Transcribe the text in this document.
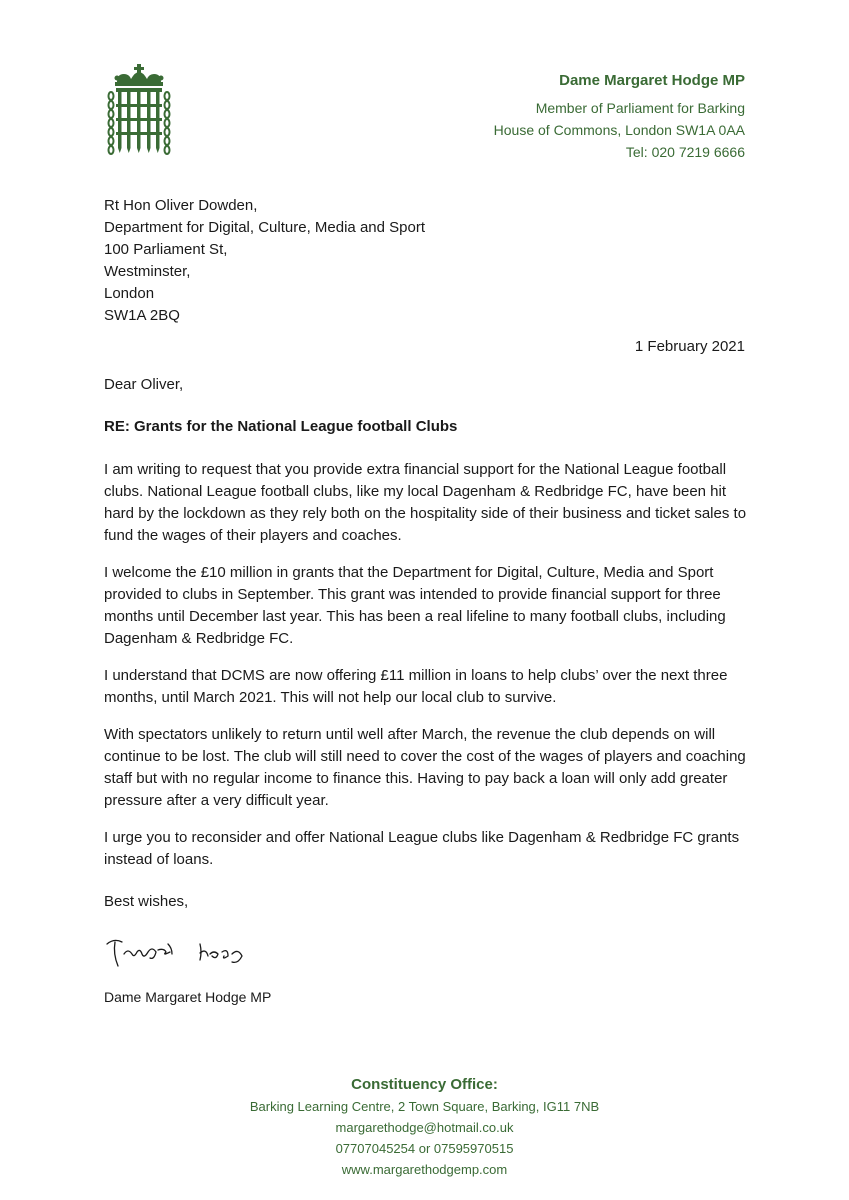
Dame Margaret Hodge MP
Member of Parliament for Barking
House of Commons, London SW1A 0AA
Tel: 020 7219 6666
Rt Hon Oliver Dowden,
Department for Digital, Culture, Media and Sport
100 Parliament St,
Westminster,
London
SW1A 2BQ
1 February 2021
Dear Oliver,
RE: Grants for the National League football Clubs

I am writing to request that you provide extra financial support for the National League football clubs. National League football clubs, like my local Dagenham & Redbridge FC, have been hit hard by the lockdown as they rely both on the hospitality side of their business and ticket sales to fund the wages of their players and coaches.

I welcome the £10 million in grants that the Department for Digital, Culture, Media and Sport provided to clubs in September. This grant was intended to provide financial support for three months until December last year. This has been a real lifeline to many football clubs, including Dagenham & Redbridge FC.

I understand that DCMS are now offering £11 million in loans to help clubs’ over the next three months, until March 2021. This will not help our local club to survive.

With spectators unlikely to return until well after March, the revenue the club depends on will continue to be lost. The club will still need to cover the cost of the wages of players and coaching staff but with no regular income to finance this. Having to pay back a loan will only add greater pressure after a very difficult year.

I urge you to reconsider and offer National League clubs like Dagenham & Redbridge FC grants instead of loans.

Best wishes,
Dame Margaret Hodge MP
Constituency Office:
Barking Learning Centre, 2 Town Square, Barking, IG11 7NB
margarethodge@hotmail.co.uk
07707045254 or 07595970515
www.margarethodgemp.com
